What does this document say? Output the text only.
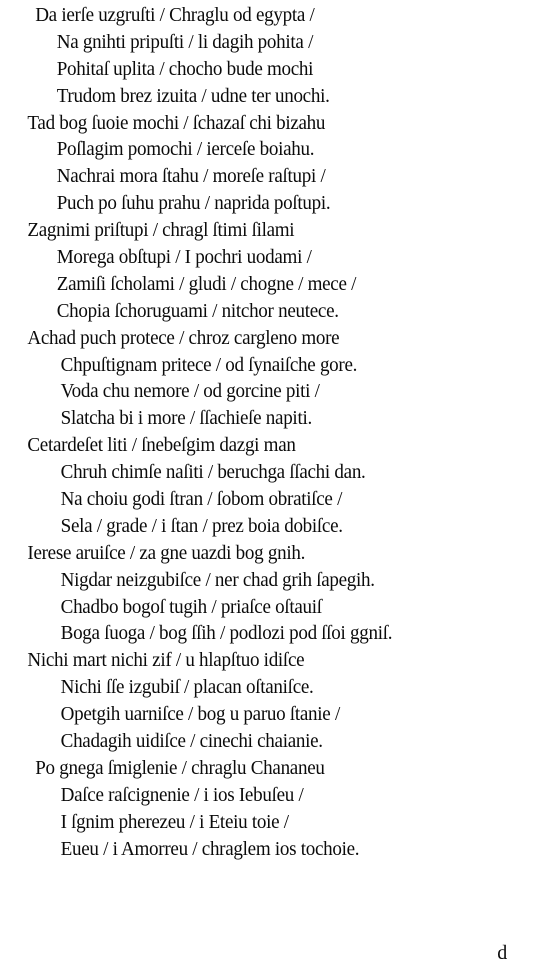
Da ierſe uzgruſti / Chraglu od egypta /
Na gnihti pripuſti / li dagih pohita /
Pohitaſ uplita / chocho bude mochi
Trudom brez izuita / udne ter unochi.
Tad bog ſuoie mochi / ſchazaſ chi bizahu
Poſlagim pomochi / ierceſe boiahu.
Nachrai mora ſtahu / moreſe raſtupi /
Puch po ſuhu prahu / naprida poſtupi.
Zagnimi priſtupi / chragl ſtimi ſilami
Morega obſtupi / I pochri uodami /
Zamiſi ſcholami / gludi / chogne / mece /
Chopia ſchoruguami / nitchor neutece.
Achad puch protece / chroz cargleno more
Chpuſtignam pritece / od ſynaiſche gore.
Voda chu nemore / od gorcine piti /
Slatcha bi i more / ſſachieſe napiti.
Cetardeſet liti / ſnebeſgim dazgi man
Chruh chimſe naſiti / beruchga ſſachi dan.
Na choiu godi ſtran / ſobom obratiſce /
Sela / grade / i ſtan / prez boia dobiſce.
Ierese aruiſce / za gne uazdi bog gnih.
Nigdar neizgubiſce / ner chad grih ſapegih.
Chadbo bogoſ tugih / priaſce oſtauiſ
Boga ſuoga / bog ſſih / podlozi pod ſſoi ggniſ.
Nichi mart nichi zif / u hlapſtuo idiſce
Nichi ſſe izgubiſ / placan oſtaniſce.
Opetgih uarniſce / bog u paruo ſtanie /
Chadagih uidiſce / cinechi chaianie.
Po gnega ſmiglenie / chraglu Chananeu
Daſce raſcignenie / i ios Iebuſeu /
I ſgnim pherezeu / i Eteiu toie /
Eueu / i Amorreu / chraglem ios tochoie.
d
